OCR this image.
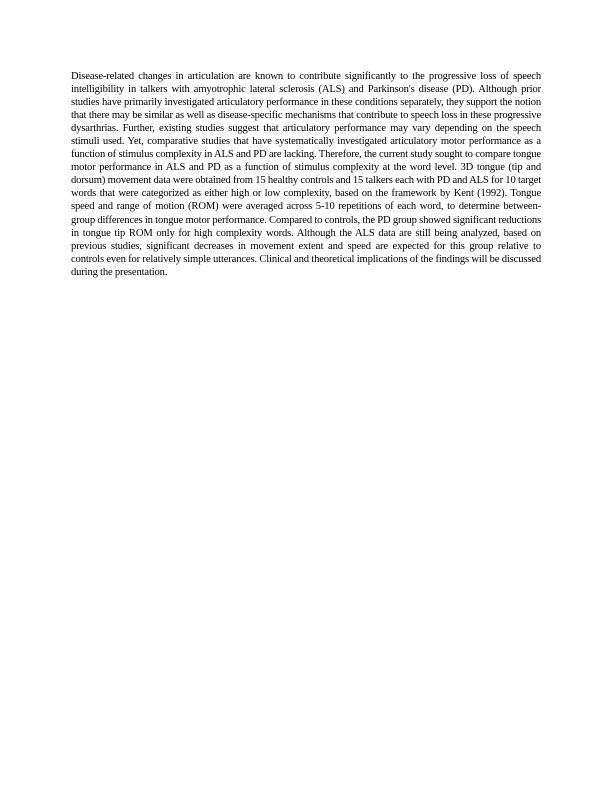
Disease-related changes in articulation are known to contribute significantly to the progressive loss of speech intelligibility in talkers with amyotrophic lateral sclerosis (ALS) and Parkinson's disease (PD). Although prior studies have primarily investigated articulatory performance in these conditions separately, they support the notion that there may be similar as well as disease-specific mechanisms that contribute to speech loss in these progressive dysarthrias. Further, existing studies suggest that articulatory performance may vary depending on the speech stimuli used. Yet, comparative studies that have systematically investigated articulatory motor performance as a function of stimulus complexity in ALS and PD are lacking. Therefore, the current study sought to compare tongue motor performance in ALS and PD as a function of stimulus complexity at the word level. 3D tongue (tip and dorsum) movement data were obtained from 15 healthy controls and 15 talkers each with PD and ALS for 10 target words that were categorized as either high or low complexity, based on the framework by Kent (1992). Tongue speed and range of motion (ROM) were averaged across 5-10 repetitions of each word, to determine between-group differences in tongue motor performance. Compared to controls, the PD group showed significant reductions in tongue tip ROM only for high complexity words. Although the ALS data are still being analyzed, based on previous studies, significant decreases in movement extent and speed are expected for this group relative to controls even for relatively simple utterances. Clinical and theoretical implications of the findings will be discussed during the presentation.
